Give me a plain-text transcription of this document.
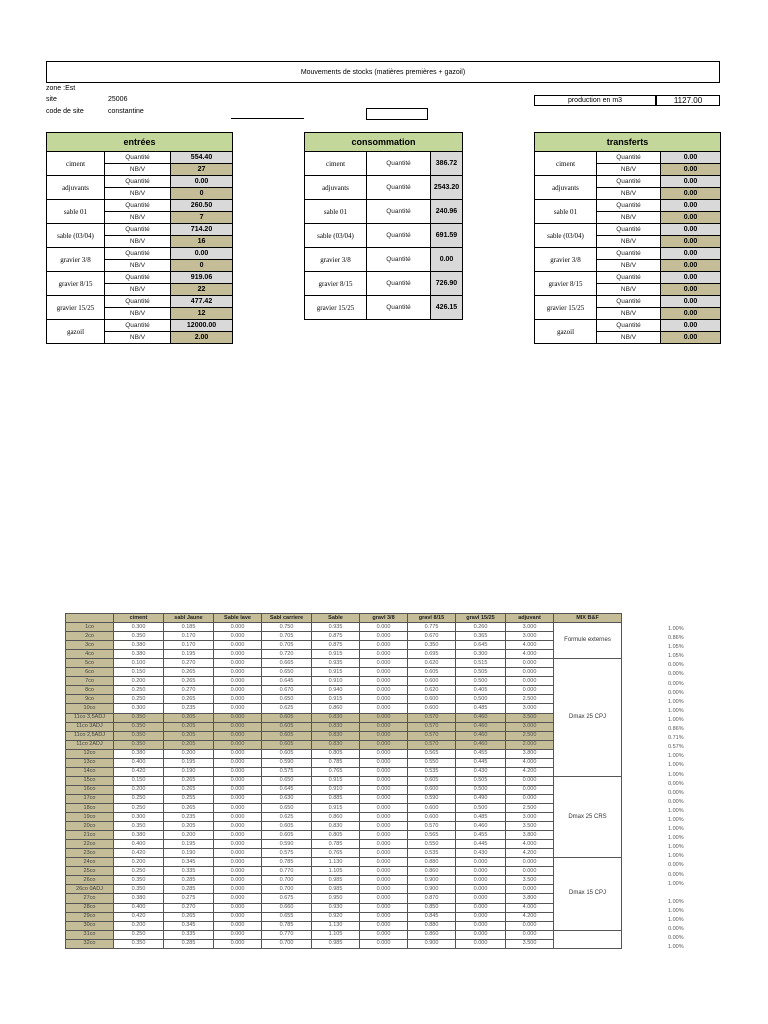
Mouvements de stocks (matières premières + gazoil)
zone :Est
site	25006
code de site	constantine
production en m3	1127.00
entrées		
ciment	Quantité	554.40
	NB/V	27
adjuvants	Quantité	0.00
	NB/V	0
sable 01	Quantité	260.50
	NB/V	7
sable (03/04)	Quantité	714.20
	NB/V	16
gravier 3/8	Quantité	0.00
	NB/V	0
gravier 8/15	Quantité	919.06
	NB/V	22
gravier 15/25	Quantité	477.42
	NB/V	12
gazoil	Quantité	12000.00
	NB/V	2.00
consommation		
ciment	Quantité	386.72
adjuvants	Quantité	2543.20
sable 01	Quantité	240.96
sable (03/04)	Quantité	691.59
gravier 3/8	Quantité	0.00
gravier 8/15	Quantité	726.90
gravier 15/25	Quantité	426.15
transferts		
ciment	Quantité	0.00
	NB/V	0.00
adjuvants	Quantité	0.00
	NB/V	0.00
sable 01	Quantité	0.00
	NB/V	0.00
sable (03/04)	Quantité	0.00
	NB/V	0.00
gravier 3/8	Quantité	0.00
	NB/V	0.00
gravier 8/15	Quantité	0.00
	NB/V	0.00
gravier 15/25	Quantité	0.00
	NB/V	0.00
gazoil	Quantité	0.00
	NB/V	0.00
	ciment	sabl Jaune	Sable lave	Sabl carriere	Sable	gravl 3/8	gravl 8/15	gravl 15/25	adjuvant	MIX B&F
1co	0.300	0.185	0.000	0.750	0.935	0.000	0.775	0.260	3.000	Formule externes
2co	0.350	0.170	0.000	0.705	0.875	0.000	0.670	0.365	3.000	
3co	0.380	0.170	0.000	0.705	0.875	0.000	0.350	0.645	4.000	
4co	0.380	0.195	0.000	0.720	0.915	0.000	0.695	0.300	4.000	
5co	0.100	0.270	0.000	0.665	0.935	0.000	0.620	0.515	0.000	Dmax 25 CPJ
6co	0.150	0.265	0.000	0.650	0.915	0.000	0.605	0.505	0.000	
7co	0.200	0.265	0.000	0.645	0.910	0.000	0.600	0.500	0.000	
8co	0.250	0.270	0.000	0.670	0.940	0.000	0.620	0.405	0.000	
9co	0.250	0.265	0.000	0.650	0.915	0.000	0.600	0.500	2.500	
10co	0.300	0.235	0.000	0.625	0.860	0.000	0.600	0.485	3.000	
11co 3,5ADJ	0.350	0.205	0.000	0.605	0.830	0.000	0.570	0.460	3.500	
11co 3ADJ	0.350	0.205	0.000	0.605	0.830	0.000	0.570	0.460	3.000	
11co 2,5ADJ	0.350	0.205	0.000	0.605	0.830	0.000	0.570	0.460	2.500	
11co 2ADJ	0.350	0.205	0.000	0.605	0.830	0.000	0.570	0.460	2.000	
12co	0.380	0.200	0.000	0.605	0.805	0.000	0.565	0.455	3.800	
13co	0.400	0.195	0.000	0.590	0.785	0.000	0.550	0.445	4.000	
14co	0.420	0.190	0.000	0.575	0.765	0.000	0.535	0.430	4.200	
15co	0.150	0.265	0.000	0.650	0.915	0.000	0.605	0.505	0.000	Dmax 25 CRS
16co	0.200	0.265	0.000	0.645	0.910	0.000	0.600	0.500	0.000	
17co	0.250	0.255	0.000	0.630	0.885	0.000	0.590	0.490	0.000	
18co	0.250	0.265	0.000	0.650	0.915	0.000	0.600	0.500	2.500	
19co	0.300	0.235	0.000	0.625	0.860	0.000	0.600	0.485	3.000	
20co	0.350	0.205	0.000	0.605	0.830	0.000	0.570	0.460	3.500	
21co	0.380	0.200	0.000	0.605	0.805	0.000	0.565	0.455	3.800	
22co	0.400	0.195	0.000	0.590	0.785	0.000	0.550	0.445	4.000	
23co	0.420	0.190	0.000	0.575	0.765	0.000	0.535	0.430	4.200	
24co	0.200	0.345	0.000	0.785	1.130	0.000	0.880	0.000	0.000	Dmax 15 CPJ
25co	0.250	0.335	0.000	0.770	1.105	0.000	0.860	0.000	0.000	
26co	0.350	0.285	0.000	0.700	0.985	0.000	0.900	0.000	3.500	
26co 0ADJ	0.350	0.285	0.000	0.700	0.985	0.000	0.900	0.000	0.000	
27co	0.380	0.275	0.000	0.675	0.950	0.000	0.870	0.000	3.800	
28co	0.400	0.270	0.000	0.660	0.930	0.000	0.850	0.000	4.000	
29co	0.420	0.265	0.000	0.655	0.920	0.000	0.845	0.000	4.200	
30co	0.200	0.345	0.000	0.785	1.130	0.000	0.880	0.000	0.000	
31co	0.250	0.335	0.000	0.770	1.105	0.000	0.860	0.000	0.000	
32co	0.350	0.285	0.000	0.700	0.985	0.000	0.900	0.000	3.500	
1.00%
0.86%
1.05%
1.05%
0.00%
0.00%
0.00%
0.00%
1.00%
1.00%
1.00%
0.86%
0.71%
0.57%
1.00%
1.00%
1.00%
0.00%
0.00%
0.00%
1.00%
1.00%
1.00%
1.00%
1.00%
1.00%
0.00%
0.00%
1.00%
1.00%
1.00%
1.00%
0.00%
0.00%
1.00%
